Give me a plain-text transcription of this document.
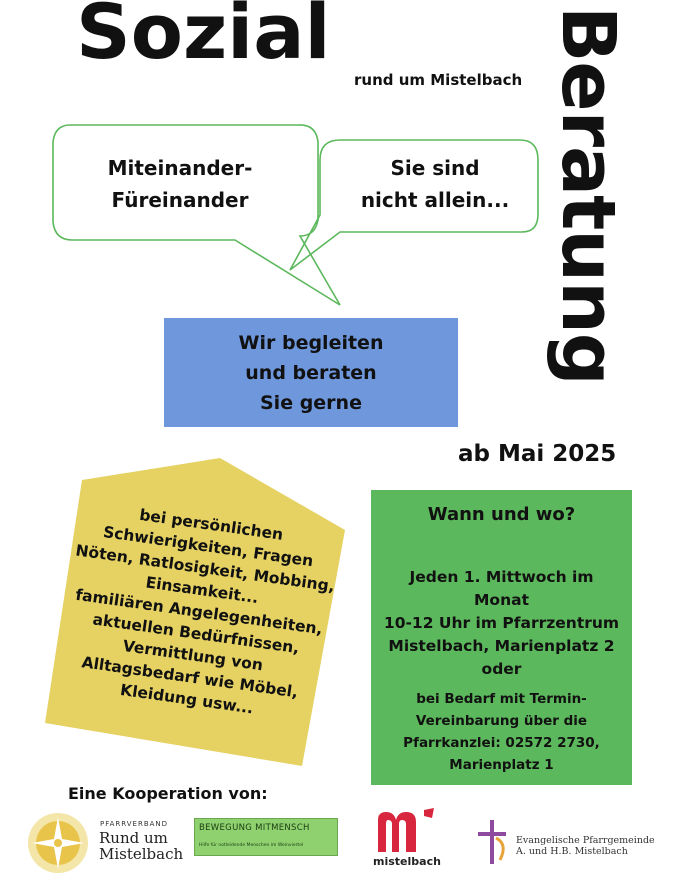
Sozial
rund um Mistelbach Beratung
Miteinander-
Füreinander
Sie sind
nicht allein...
Wir begleiten
und beraten
Sie gerne
ab Mai 2025
bei persönlichen
Schwierigkeiten, Fragen
Nöten, Ratlosigkeit, Mobbing,
Einsamkeit...
familiären Angelegenheiten,
aktuellen Bedürfnissen,
Vermittlung von
Alltagsbedarf wie Möbel,
Kleidung usw...
Wann und wo?
Jeden 1. Mittwoch im
Monat
10-12 Uhr im Pfarrzentrum
Mistelbach, Marienplatz 2
oder
bei Bedarf mit Termin-
Vereinbarung über die
Pfarrkanzlei: 02572 2730,
Marienplatz 1
Eine Kooperation von:
PFARRVERBAND
Rund um
Mistelbach
BEWEGUNG MITMENSCH
Hilfe für notleidende Menschen im Weinviertel
mistelbach
Evangelische Pfarrgemeinde
A. und H.B. Mistelbach
